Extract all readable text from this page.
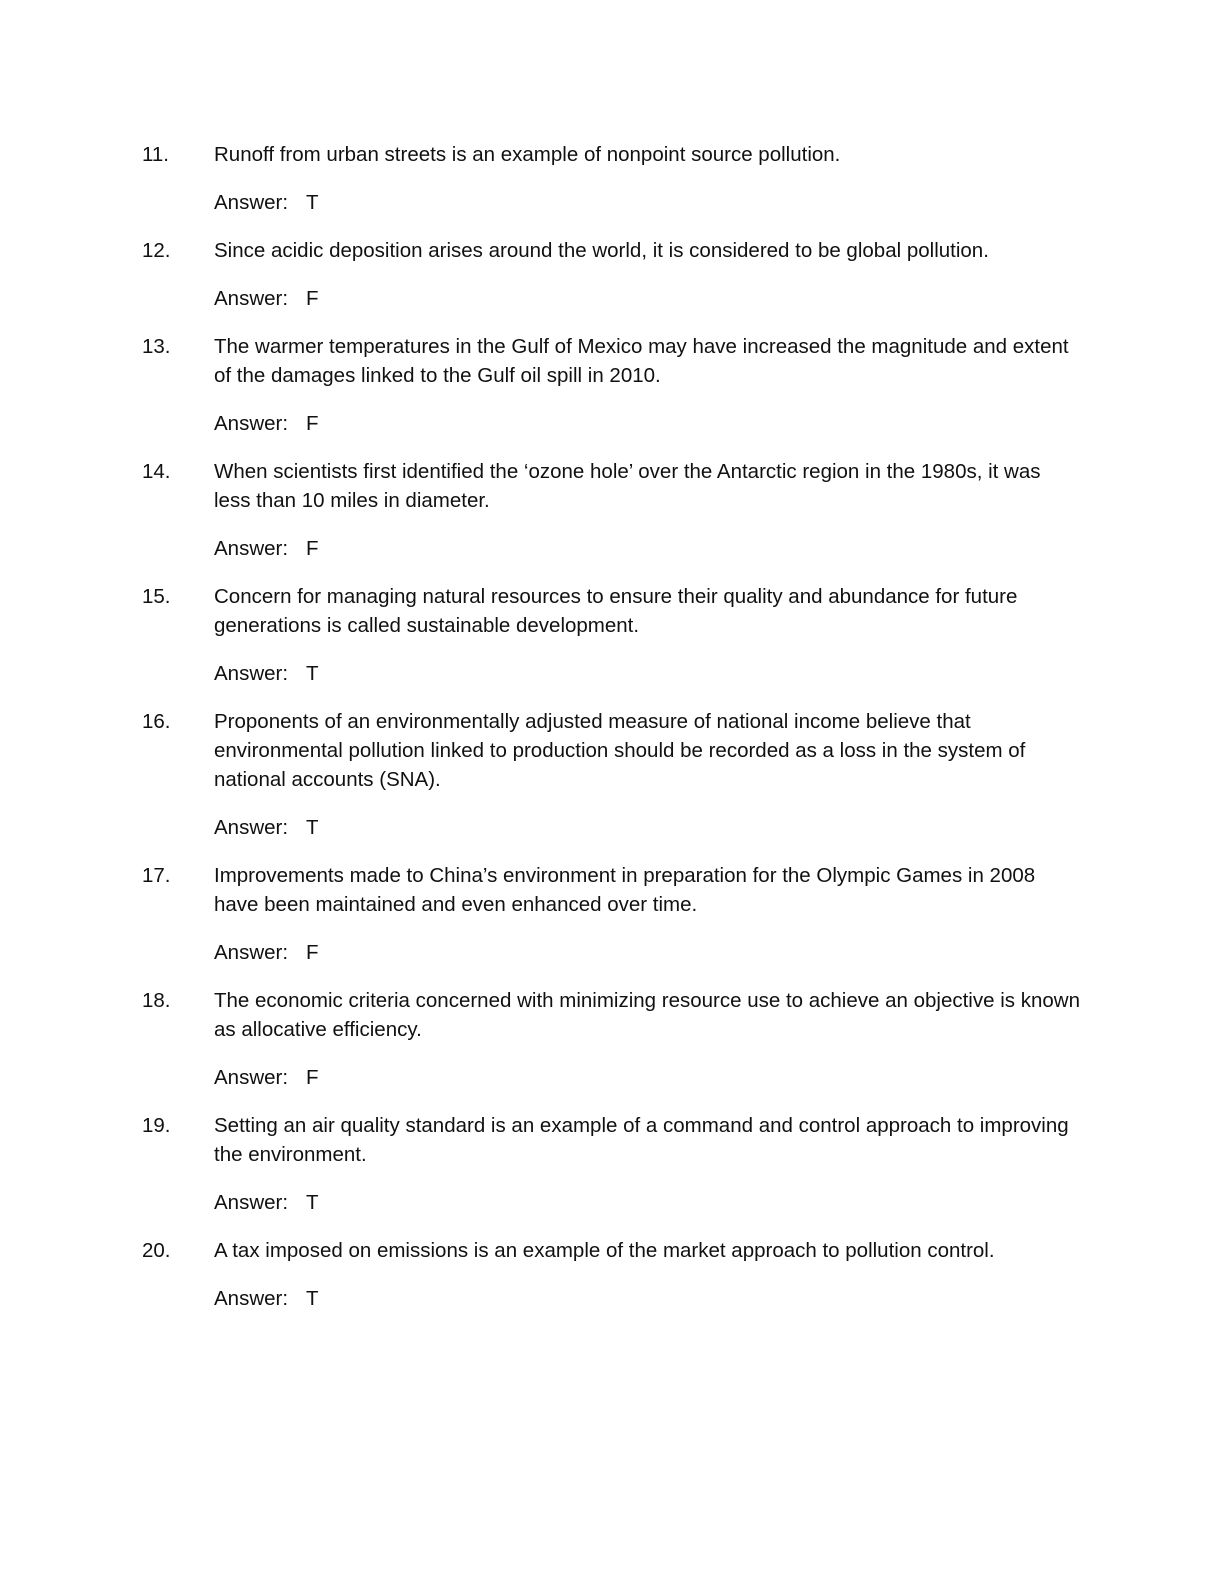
11.	Runoff from urban streets is an example of nonpoint source pollution.
Answer: T
12.	Since acidic deposition arises around the world, it is considered to be global pollution.
Answer: F
13.	The warmer temperatures in the Gulf of Mexico may have increased the magnitude and extent of the damages linked to the Gulf oil spill in 2010.
Answer: F
14.	When scientists first identified the ‘ozone hole’ over the Antarctic region in the 1980s, it was less than 10 miles in diameter.
Answer: F
15.	Concern for managing natural resources to ensure their quality and abundance for future generations is called sustainable development.
Answer: T
16.	Proponents of an environmentally adjusted measure of national income believe that environmental pollution linked to production should be recorded as a loss in the system of national accounts (SNA).
Answer: T
17.	Improvements made to China’s environment in preparation for the Olympic Games in 2008 have been maintained and even enhanced over time.
Answer: F
18.	The economic criteria concerned with minimizing resource use to achieve an objective is known as allocative efficiency.
Answer: F
19.	Setting an air quality standard is an example of a command and control approach to improving the environment.
Answer: T
20.	A tax imposed on emissions is an example of the market approach to pollution control.
Answer: T
